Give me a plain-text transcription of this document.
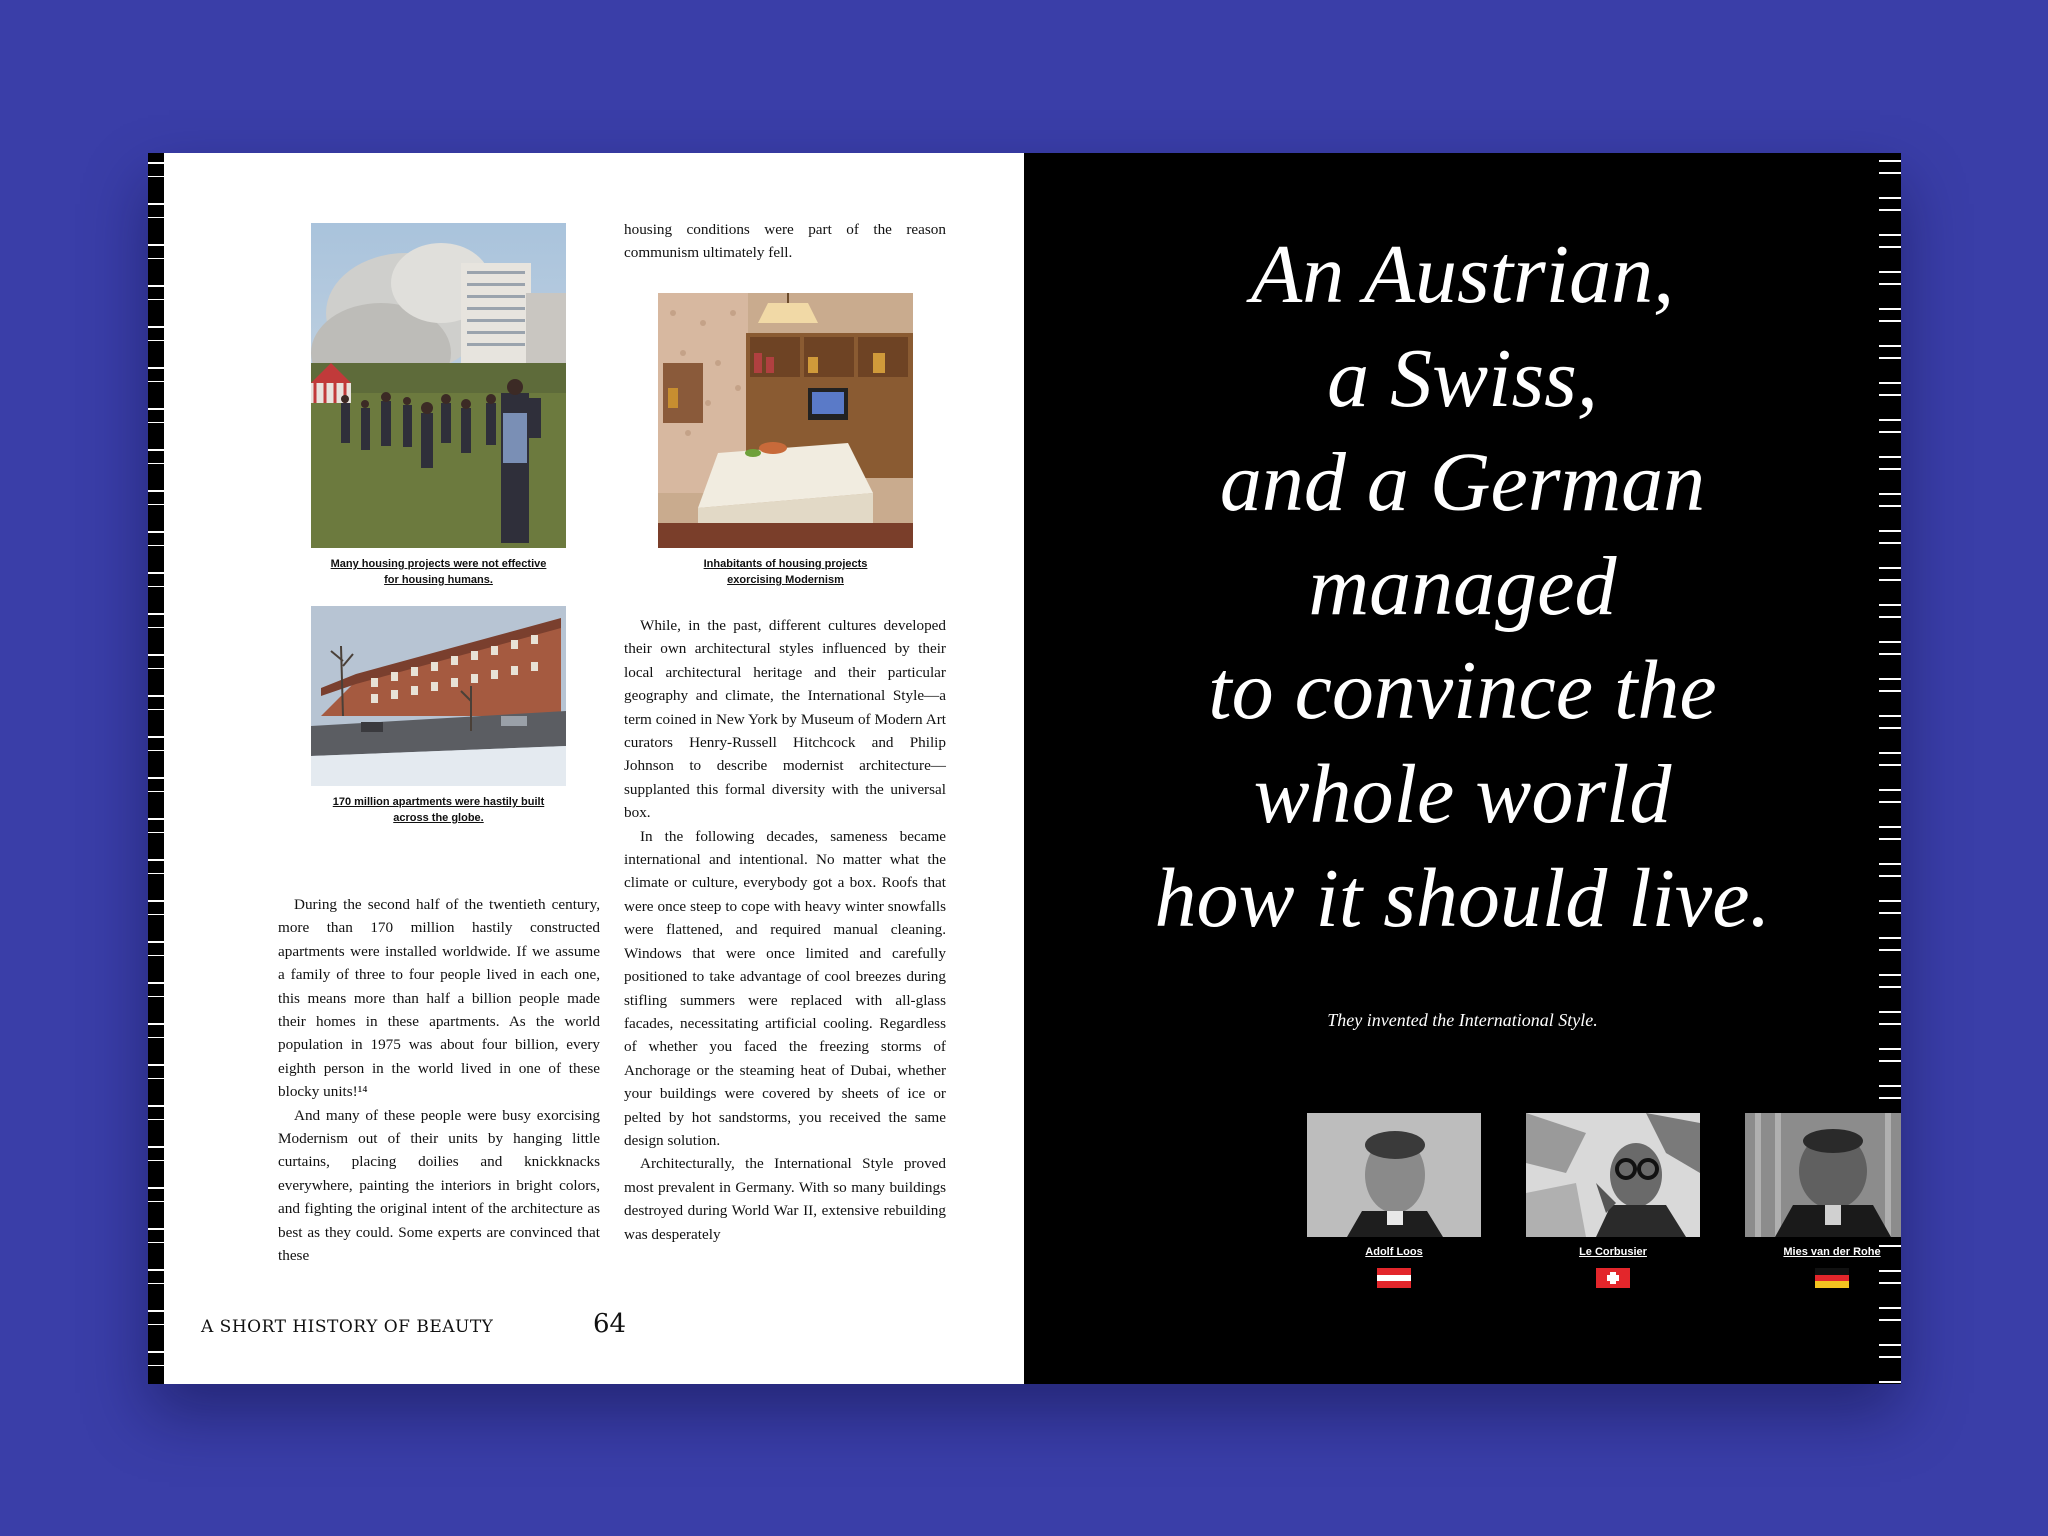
Many housing projects were not effective
for housing humans.
Inhabitants of housing projects
exorcising Modernism
170 million apartments were hastily built
across the globe.

During the second half of the twentieth century, more than 170 million hastily constructed apartments were installed worldwide. If we assume a family of three to four people lived in each one, this means more than half a billion people made their homes in these apartments. As the world population in 1975 was about four billion, every eighth person in the world lived in one of these blocky units!¹⁴

And many of these people were busy exorcising Modernism out of their units by hanging little curtains, placing doilies and knickknacks everywhere, painting the interiors in bright colors, and fighting the original intent of the architecture as best as they could. Some experts are convinced that these

housing conditions were part of the reason communism ultimately fell.

While, in the past, different cultures developed their own architectural styles influenced by their local architectural heritage and their particular geography and climate, the International Style—a term coined in New York by Museum of Modern Art curators Henry-Russell Hitchcock and Philip Johnson to describe modernist architecture—supplanted this formal diversity with the universal box.

In the following decades, sameness became international and intentional. No matter what the climate or culture, everybody got a box. Roofs that were once steep to cope with heavy winter snowfalls were flattened, and required manual cleaning. Windows that were once limited and carefully positioned to take advantage of cool breezes during stifling summers were replaced with all-glass facades, necessitating artificial cooling. Regardless of whether you faced the freezing storms of Anchorage or the steaming heat of Dubai, whether your buildings were covered by sheets of ice or pelted by hot sandstorms, you received the same design solution.

Architecturally, the International Style proved most prevalent in Germany. With so many buildings destroyed during World War II, extensive rebuilding was desperately

A SHORT HISTORY OF BEAUTY	64
An Austrian,
a Swiss,
and a German
managed
to convince the
whole world
how it should live.
They invented the International Style.
Adolf Loos	Le Corbusier	Mies van der Rohe
